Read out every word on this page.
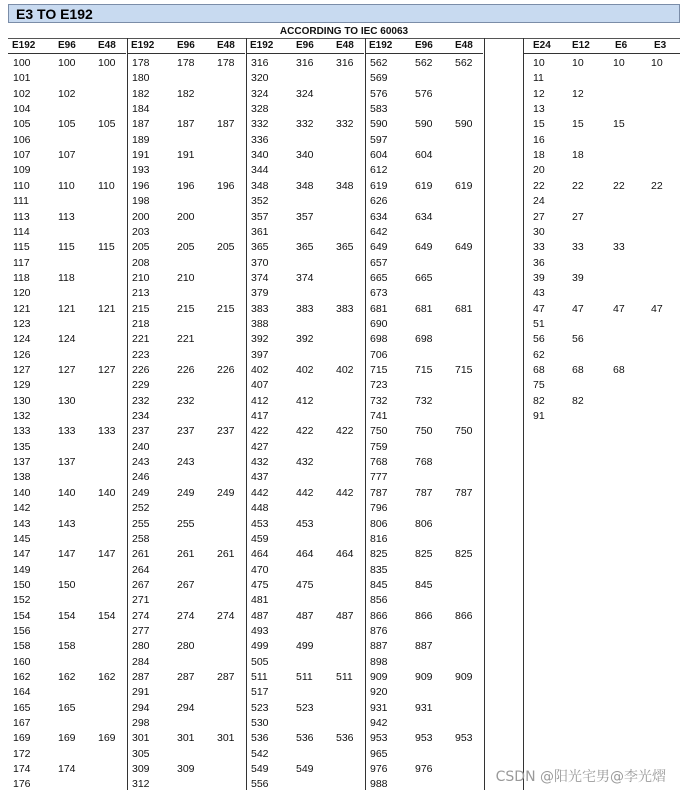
E3 TO E192
ACCORDING TO IEC 60063
E192 E96 E48
100	100 100
101
102	102
104
105	105 105
106
107	107
109
110	110 110
111
113	113
114
115	115 115
117
118	118
120
121	121 121
123
124	124
126
127	127 127
129
130	130
132
133	133 133
135
137	137
138
140	140 140
142
143	143
145
147	147 147
149
150	150
152
154	154 154
156
158	158
160
162	162 162
164
165	165
167
169	169 169
172
174	174
176
E192 E96 E48
178	178 178
180
182	182
184
187	187 187
189
191	191
193
196	196 196
198
200	200
203
205	205 205
208
210	210
213
215	215 215
218
221	221
223
226	226 226
229
232	232
234
237	237 237
240
243	243
246
249	249 249
252
255	255
258
261	261 261
264
267	267
271
274	274 274
277
280	280
284
287	287 287
291
294	294
298
301	301 301
305
309	309
312
E192 E96 E48
316	316 316
320
324	324
328
332	332 332
336
340	340
344
348	348 348
352
357	357
361
365	365 365
370
374	374
379
383	383 383
388
392	392
397
402	402 402
407
412	412
417
422	422 422
427
432	432
437
442	442 442
448
453	453
459
464	464 464
470
475	475
481
487	487 487
493
499	499
505
511	511 511
517
523	523
530
536	536 536
542
549	549
556
E192 E96 E48
562	562 562
569
576	576
583
590	590 590
597
604	604
612
619	619 619
626
634	634
642
649	649 649
657
665	665
673
681	681 681
690
698	698
706
715	715 715
723
732	732
741
750	750 750
759
768	768
777
787	787 787
796
806	806
816
825	825 825
835
845	845
856
866	866 866
876
887	887
898
909	909 909
920
931	931
942
953	953 953
965
976	976
988
E24 E12	E6	E3
10	10	10	10
11
12	12
13
15	15	15
16
18	18
20
22	22	22	22
24
27	27
30
33	33	33
36
39	39
43
47	47	47	47
51
56	56
62
68	68	68
75
82	82
91
CSDN @阳光宅男@李光熠
